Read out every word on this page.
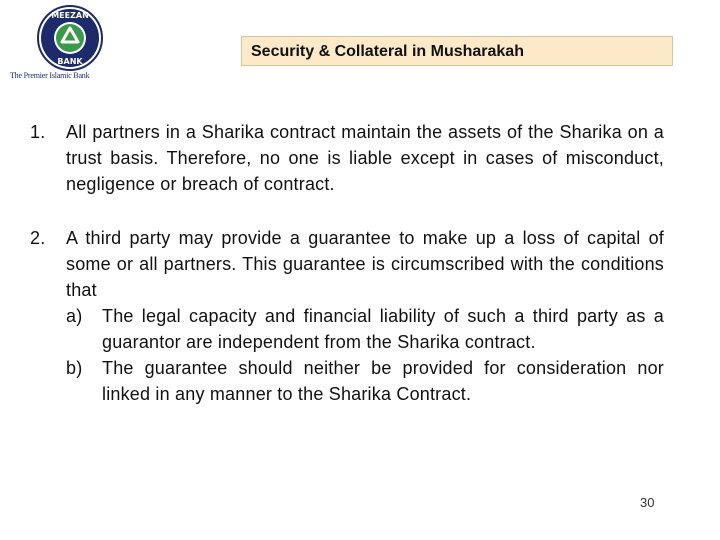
MEEZAN
BANK
The Premier Islamic Bank
Security & Collateral in Musharakah
1.	All partners in a Sharika contract maintain the assets of the Sharika on a trust basis. Therefore, no one is liable except in cases of misconduct, negligence or breach of contract.
2.	A third party may provide a guarantee to make up a loss of capital of some or all partners. This guarantee is circumscribed with the conditions that
a)	The legal capacity and financial liability of such a third party as a guarantor are independent from the Sharika contract.
b)	The guarantee should neither be provided for consideration nor linked in any manner to the Sharika Contract.
30
